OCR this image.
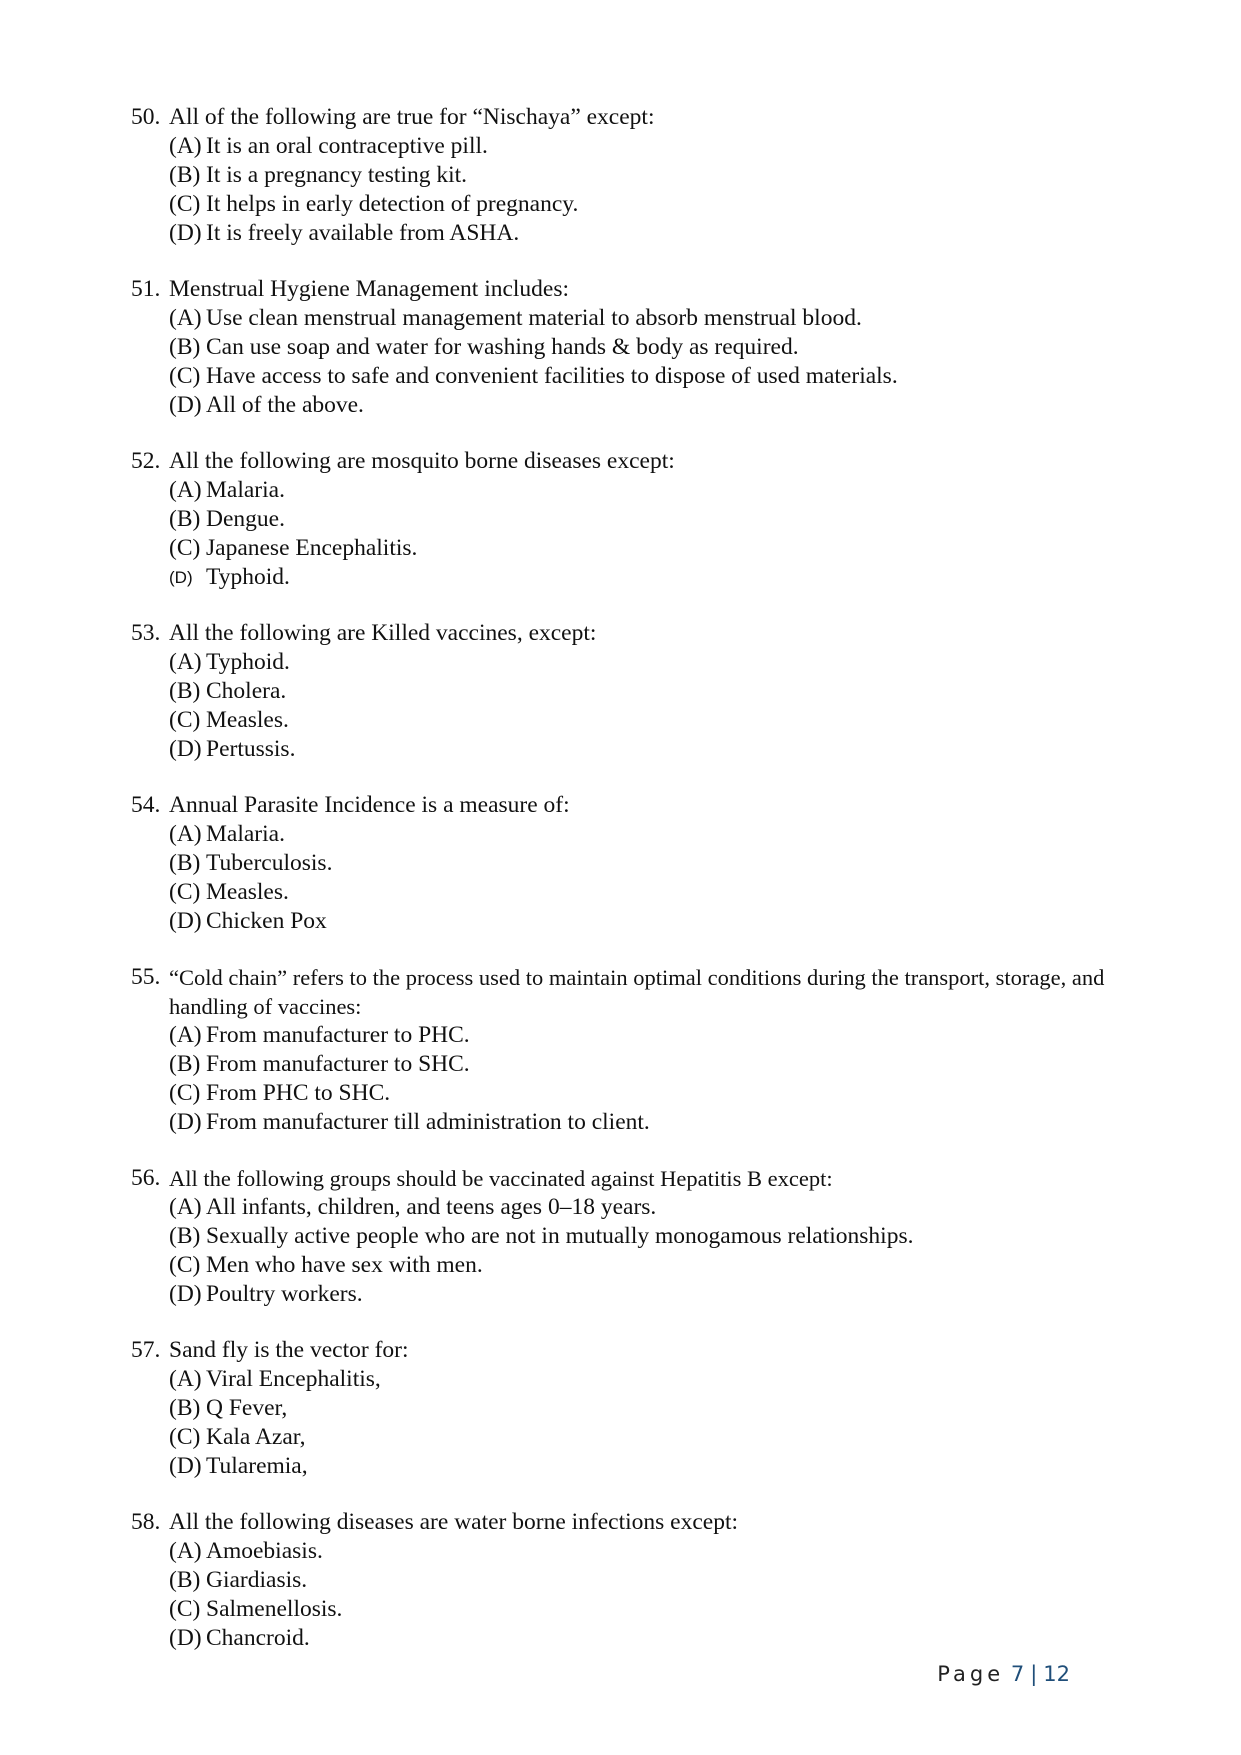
50. All of the following are true for “Nischaya” except:
(A) It is an oral contraceptive pill.
(B) It is a pregnancy testing kit.
(C) It helps in early detection of pregnancy.
(D) It is freely available from ASHA.
51. Menstrual Hygiene Management includes:
(A) Use clean menstrual management material to absorb menstrual blood.
(B) Can use soap and water for washing hands & body as required.
(C) Have access to safe and convenient facilities to dispose of used materials.
(D) All of the above.
52. All the following are mosquito borne diseases except:
(A) Malaria.
(B) Dengue.
(C) Japanese Encephalitis.
(D) Typhoid.
53. All the following are Killed vaccines, except:
(A) Typhoid.
(B) Cholera.
(C) Measles.
(D) Pertussis.
54. Annual Parasite Incidence is a measure of:
(A) Malaria.
(B) Tuberculosis.
(C) Measles.
(D) Chicken Pox
55. “Cold chain” refers to the process used to maintain optimal conditions during the transport, storage, and handling of vaccines:
(A) From manufacturer to PHC.
(B) From manufacturer to SHC.
(C) From PHC to SHC.
(D) From manufacturer till administration to client.
56. All the following groups should be vaccinated against Hepatitis B except:
(A) All infants, children, and teens ages 0–18 years.
(B) Sexually active people who are not in mutually monogamous relationships.
(C) Men who have sex with men.
(D) Poultry workers.
57. Sand fly is the vector for:
(A) Viral Encephalitis,
(B) Q Fever,
(C) Kala Azar,
(D) Tularemia,
58. All the following diseases are water borne infections except:
(A) Amoebiasis.
(B) Giardiasis.
(C) Salmenellosis.
(D) Chancroid.
Page 7 | 12
